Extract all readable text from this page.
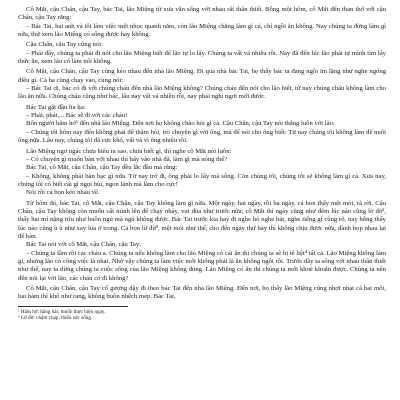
Cô Mắt, cậu Chân, cậu Tay, bác Tai, lão Miệng từ xưa vẫn sống với nhau rất thân thiết. Bỗng một hôm, cô Mắt đến than thở với cậu Chân, cậu Tay rằng:

– Bác Tai, hai anh và tôi làm việc mệt nhọc quanh năm, còn lão Miệng chẳng làm gì cả, chỉ ngồi ăn không. Nay chúng ta đừng làm gì nữa, thử xem lão Miệng có sống được hay không.

Cậu Chân, cậu Tay cũng nói:

– Phải đấy, chúng ta phải đi nói cho lão Miệng biết để lão tự lo lấy. Chúng ta vất vả nhiều rồi. Nay đã đến lúc lão phải tự mình tìm lấy thức ăn, xem lão có làm nổi không.

Cô Mắt, cậu Chân, cậu Tay cùng kéo nhau đến nhà lão Miệng. Đi qua nhà bác Tai, họ thấy bác ta đang ngồi im lặng như nghe ngóng điều gì. Cả ba cùng chạy vào, cùng nói:

– Bác Tai ơi, bác có đi với chúng cháu đến nhà lão Miệng không? Chúng cháu đến nói cho lão biết, từ nay chúng cháu không làm cho lão ăn nữa. Chúng cháu cũng như bác, lâu nay vất vả nhiều rồi, nay phải nghỉ ngơi mới được.

Bác Tai gật đầu lia lịa:

– Phải, phải,... Bác sẽ đi với các cháu!

Bốn người hăm hở¹ đến nhà lão Miệng. Đến nơi họ không chào hỏi gì cả. Cậu Chân, cậu Tay nói thẳng luôn với lão:

– Chúng tôi hôm nay đến không phải để thăm hỏi, trò chuyện gì với ông, mà để nói cho ông biết: Từ nay chúng tôi không làm để nuôi ông nữa. Lâu nay, chúng tôi đã cực khổ, vất vả vì ông nhiều rồi.

Lão Miệng ngơ ngác chưa hiểu ra sao, chưa biết gì, thì nghe cô Mắt nói luôn:

– Có chuyện gì muốn bàn với nhau thì hãy vào nhà đã, làm gì mà nóng thế?

Bác Tai, cô Mắt, cậu Chân, cậu Tay đều lắc đầu mà rằng:

– Không, không phải bàn bạc gì nữa. Từ nay trở đi, ông phải lo lấy mà sống. Còn chúng tôi, chúng tôi sẽ không làm gì cả. Xưa nay, chúng tôi có biết cái gì ngọt bùi, ngon lành mà làm cho cực!

Nói rồi cả bọn kéo nhau về.

Từ hôm đó, bác Tai, cô Mắt, cậu Chân, cậu Tay không làm gì nữa. Một ngày, hai ngày, rồi ba ngày, cả bọn thấy mệt mỏi, rã rời. Cậu Chân, cậu Tay không còn muốn cất mình lên để chạy nhảy, vui đùa như trước nữa; cô Mắt thì ngày cũng như đêm lúc nào cũng lờ đờ², thấy hai mí nặng trĩu như buồn ngủ mà ngủ không được. Bác Tai trước kia hay đi nghe hò nghe hát, nghe tiếng gì cũng rõ, nay bỗng thấy lúc nào cũng ù ù như xay lúa ở trong. Cả bọn lừ đừ³, mệt mỏi như thế, cho đến ngày thứ bảy thì không chịu được nữa, đành họp nhau lại để bàn.

Bác Tai nói với cô Mắt, cậu Chân, cậu Tay:

– Chúng ta lầm rồi các cháu a. Chúng ta nếu không làm cho lão Miệng có cái ăn thì chúng ta sẽ bị tê liệt⁴ tất cả. Lão Miệng không làm gì, nhưng lão có công việc là nhai. Nhờ vậy chúng ta làm việc mới không phải là ăn không ngồi rồi. Trước đây ta sống với nhau thân thiết như thế, nay ta dừng chúng ta cuộc sống của lão Miệng không đúng. Lão Miệng có ăn thì chúng ta mới khoẻ khoắn được. Chúng ta nên đến nói lại với lão, các cháu có đi không?

Cô Mắt, cậu Chân, cậu Tay cố gượng dậy đi theo bác Tai đến nhà lão Miệng. Đến nơi, họ thấy lão Miệng cũng nhợt nhạt cả hai môi, hai hàm thì khô như rang, không buồn nhếch mép. Bác Tai,

¹ Hăm hở: hăng hái, muốn thực hiện ngay.

² Lờ đờ: chậm chạp, thiếu sức sống.
